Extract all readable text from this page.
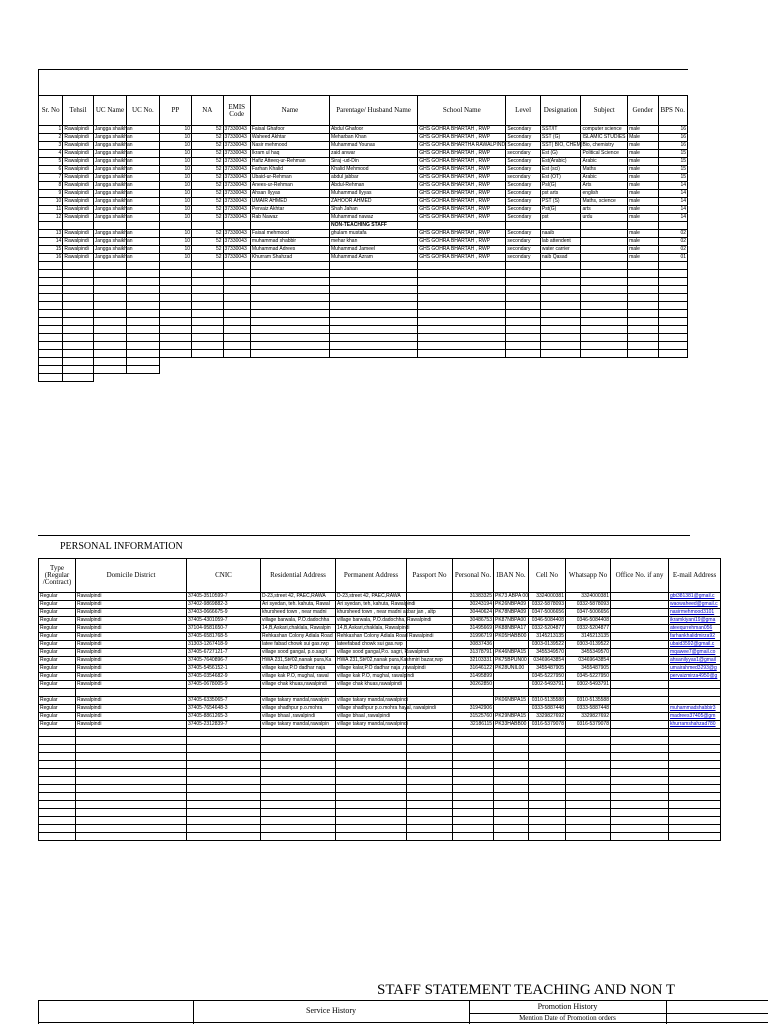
Sr. No	Tehsil	UC Name	UC No.	PP	NA	EMIS Code	Name	Parentage/ Husband Name	School Name	Level	Designation	Subject	Gender	BPS No.
1	Rawalpindi	Jangga shaikhan		10	52	37330043	Faisal Ghafoor	Abdul Ghafoor	GHS GOHRA BHARTAH , RWP	Secondary	SST/IT	computer science	male	16
2	Rawalpindi	Jangga shaikhan		10	52	37330043	Waheed Akhtar	Meharban Khan	GHS GOHRA BHARTAH , RWP	Secondary	SST (G)	ISLAMIC STUDIES	Male	16
3	Rawalpindi	Jangga shaikhan		10	52	37330043	Nasir mehmood	Muhammad Younas	GHS GOHRA BHARTHA RAWALPINDI	Secondary	SST( BIO, CHEM)	Bio, chemistry	male	16
4	Rawalpindi	Jangga shaikhan		10	52	37330043	Ikram ul haq	zaid anwar	GHS GOHRA BHARTAH , RWP	secondary	Est (G)	Political Science	male	15
5	Rawalpindi	Jangga shaikhan		10	52	37330043	Hafiz Atteeq-ur-Rehman	Siraj -ud-Din	GHS GOHRA BHARTAH , RWP	Secondary	Est(Arabic)	Arabic	male	15
6	Rawalpindi	Jangga shaikhan		10	52	37330043	Farhan Khalid	Khalid Mehmood	GHS GOHRA BHARTAH , RWP	Secondary	Est (sci)	Maths	male	15
7	Rawalpindi	Jangga shaikhan		10	52	37330043	Ubaid-ur-Rehman	abdul jabbar	GHS GOHRA BHARTAH , RWP	secondary	Est (OT)	Arabic	male	15
8	Rawalpindi	Jangga shaikhan		10	52	37330043	Anees-ur-Rehman	Abdul-Rehman	GHS GOHRA BHARTAH , RWP	Secondary	PsI(G)	Arts	male	14
9	Rawalpindi	Jangga shaikhan		10	52	37330043	Ahsan Ilyyas	Muhammad Ilyyas	GHS GOHRA BHARTAH , RWP	Secondary	pst arts	english	male	14
10	Rawalpindi	Jangga shaikhan		10	52	37330043	UMAIR AHMED	ZAHOOR AHMED	GHS GOHRA BHARTAH , RWP	Secondary	PST (S)	Maths, science	male	14
11	Rawalpindi	Jangga shaikhan		10	52	37330043	Pervaiz Akhtar	Shah Jahan	GHS GOHRA BHARTAH , RWP	Secondary	Pst(G)	arts	male	14
12	Rawalpindi	Jangga shaikhan		10	52	37330043	Rab Nawaz	Muhammad nawaz	GHS GOHRA BHARTAH , RWP	Secondary	pst	urdu	male	14
								NON-TEACHING STAFF						
13	Rawalpindi	Jangga shaikhan		10	52	37330043	Faisal mehmood	ghulam mustafa	GHS GOHRA BHARTAH , RWP	Secondary	naaib		male	02
14	Rawalpindi	Jangga shaikhan		10	52	37330043	muhammad shabbir	mehar khan	GHS GOHRA BHARTAH , RWP	secondary	lab attendent		male	02
15	Rawalpindi	Jangga shaikhan		10	52	37330043	Muhammad Adrees	Muhammad Jameel	GHS GOHRA BHARTAH , RWP	secondary	water carrier		male	02
16	Rawalpindi	Jangga shaikhan		10	52	37330043	Khurram Shahzad	Muhammad Azram	GHS GOHRA BHARTAH , RWP	secondary	naib Qasad		male	01

PERSONAL INFORMATION
Type (Regular /Contract)	Domicile District	CNIC	Residential Address	Permanent Address	Passport No	Personal No.	IBAN No.	Cell No	Whatsapp No	Office No. if any	E-mail Address
Regular	Rawalpindi	37405-3510599-7	D-23,street 42, PAEC,RAWA	D-23,street 42, PAEC,RAWA		31383325	PK73 ABPA 00	3324000381	3324000381		gbt381381@gmail.c
Regular	Rawalpindi	37402-9869882-3	Ari syedan, teh. kahuta, Rawal	Ari syedan, teh, kahuta, Rawalpindi		30243194	PK26NBPA09	0332-5878093	0332-5878093		waowaheed@gmail.c
Regular	Rawalpindi	37403-0666675-9	khursheed town , near madni	khursheed town , near madni akbar jan , altp		30440624	PK78NBPA09	0347-5006656	0347-5006656		nasirmehmood3101
Regular	Rawalpindi	37405-4301059-7	village barwala, P.O.dadochha	village barwala, P.O.dadochha, Rawalpindi		30486753	PK87NBPA00	0346-5084408	0346-5084408		ikramkiyani19@gma
Regular	Rawalpindi	37104-9581650-7	14,B,Askari,chaklala, Rawalpin	14,B,Askari,chaklala, Rawalpindi		31495669	PK88NBPA17	0332-5204877	0332-5204877		ateequrrehman056
Regular	Rawalpindi	37405-6581768-5	Rehkashan Colony Adiala Road	Rehkashan Colony Adiala Road Rawalpindi		31996719	PK05HABB00	3145213135	3145213135		farhankhalidmirza92
Regular	Rawalpindi	31303-1267418-9	latee fabad chowk sui gas.rwp	lateefabad chowk sui gas.rwp		30837436		0303-0139522	0303-0139522		ubaid3592@gmail.c
Regular	Rawalpindi	37405-6727121-7	village sood gangal, p.o.sagri	village sood gangal,P.o. sagri, Rawalpindi		31378791	PK46NBPA15	3455349570	3455349570		mqawee7@gmail.co
Regular	Rawalpindi	37405-7640896-7	HWA 231,St#02,nanak pura,Ka	HWA 231,St#02,nanak pura,Kashmiri bazar,rwp		32103331	PK75BPUN00	03469643854	03469643854		ahsanilyyas1@gmail
Regular	Rawalpindi	37405-5456152-1	village kalar,P.O dadhar naja	village kalar,P.O dadhar naja ,rawalpindi		31646122	PK28UNIL00	3455487905	3455487905		umairahmed3293@g
Regular	Rawalpindi	37405-0354682-9	village kak P.O, mughal, rawal	village kak P.O, mughal, rawalpindi		31495899		0345-5227950	0345-5227950		pervaizmirza4950@g
Regular	Rawalpindi	37405-0678005-9	village chak khuas,rawalpindi	village chak khuas,rawalpindi		30262850		0302-5493791	0302-5493791		

Regular	Rawalpindi	37405-6335065-7	village takary mandal,rawalpin	village takary mandal,rawalpindi			PK06NBPA15	0310-5135588	0310-5135588		
Regular	Rawalpindi	37405-7654648-3	village shadhpur p.o.mohra	village shadhpur p.o.mohra hayal, rawalpindi		31942906		0333-5887448	0333-5887448		muhammadshabbir3
Regular	Rawalpindi	37405-8861265-3	village bhaal ,rawalpindi	village bhaal ,rawalpindi		31525760	PK29NBPA15	3329827692	3329827692		madrees37405@gm
Regular	Rawalpindi	37405-2312839-7	village takary mandal,rawalpin	village takary mandal,rawalpindi		32186115	PK33HABB00	0316-5379078	0316-5379078		khurramshahzad780

STAFF STATEMENT TEACHING AND NON T
Service History	Promotion History
Mention Date of Promotion orders
